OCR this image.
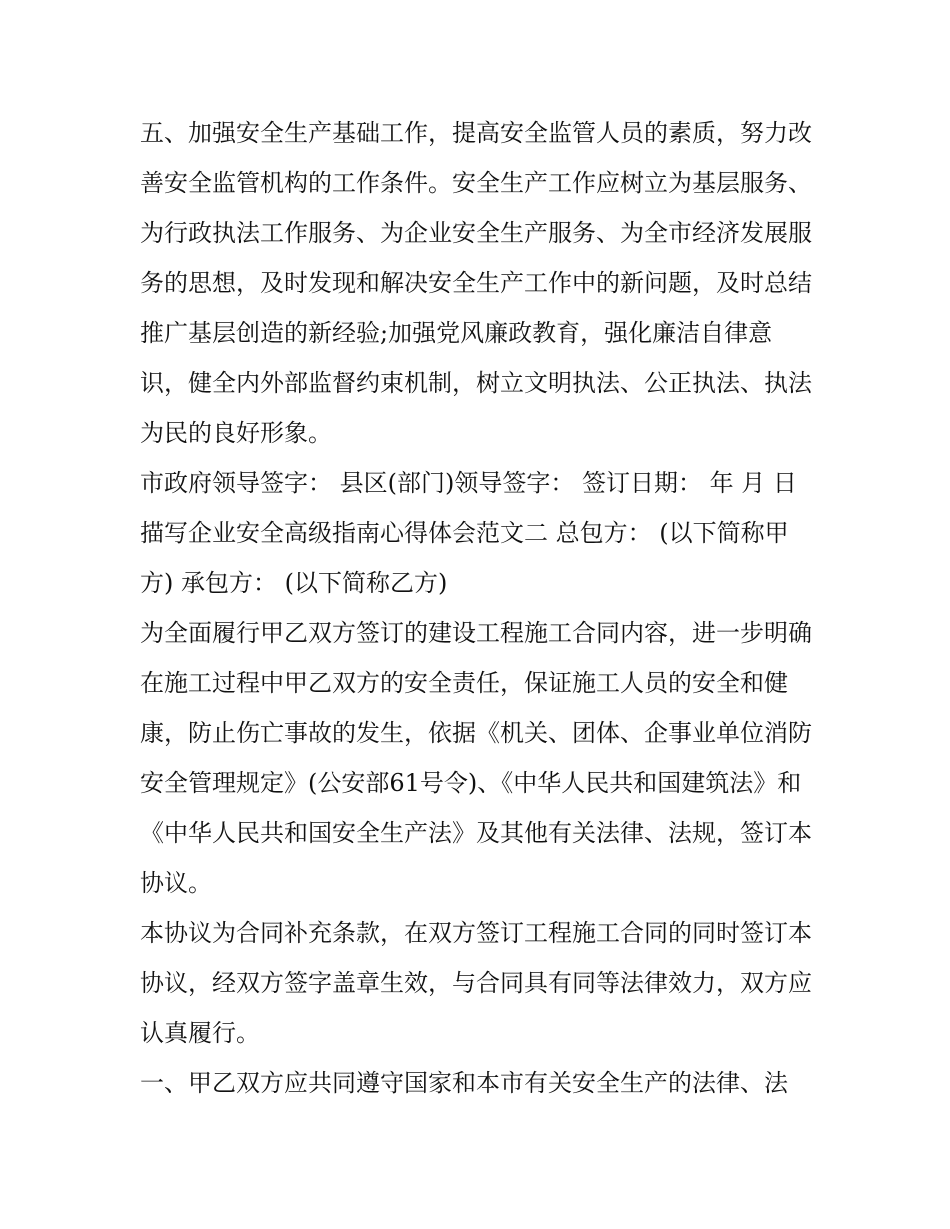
五、加强安全生产基础工作，提高安全监管人员的素质，努力改善安全监管机构的工作条件。安全生产工作应树立为基层服务、为行政执法工作服务、为企业安全生产服务、为全市经济发展服务的思想，及时发现和解决安全生产工作中的新问题，及时总结推广基层创造的新经验;加强党风廉政教育，强化廉洁自律意识，健全内外部监督约束机制，树立文明执法、公正执法、执法为民的良好形象。

市政府领导签字： 县区(部门)领导签字： 签订日期： 年 月 日 描写企业安全高级指南心得体会范文二 总包方： (以下简称甲方) 承包方： (以下简称乙方)

为全面履行甲乙双方签订的建设工程施工合同内容，进一步明确在施工过程中甲乙双方的安全责任，保证施工人员的安全和健康，防止伤亡事故的发生，依据《机关、团体、企事业单位消防安全管理规定》(公安部61号令)、《中华人民共和国建筑法》和《中华人民共和国安全生产法》及其他有关法律、法规，签订本协议。

本协议为合同补充条款，在双方签订工程施工合同的同时签订本协议，经双方签字盖章生效，与合同具有同等法律效力，双方应认真履行。

一、甲乙双方应共同遵守国家和本市有关安全生产的法律、法
